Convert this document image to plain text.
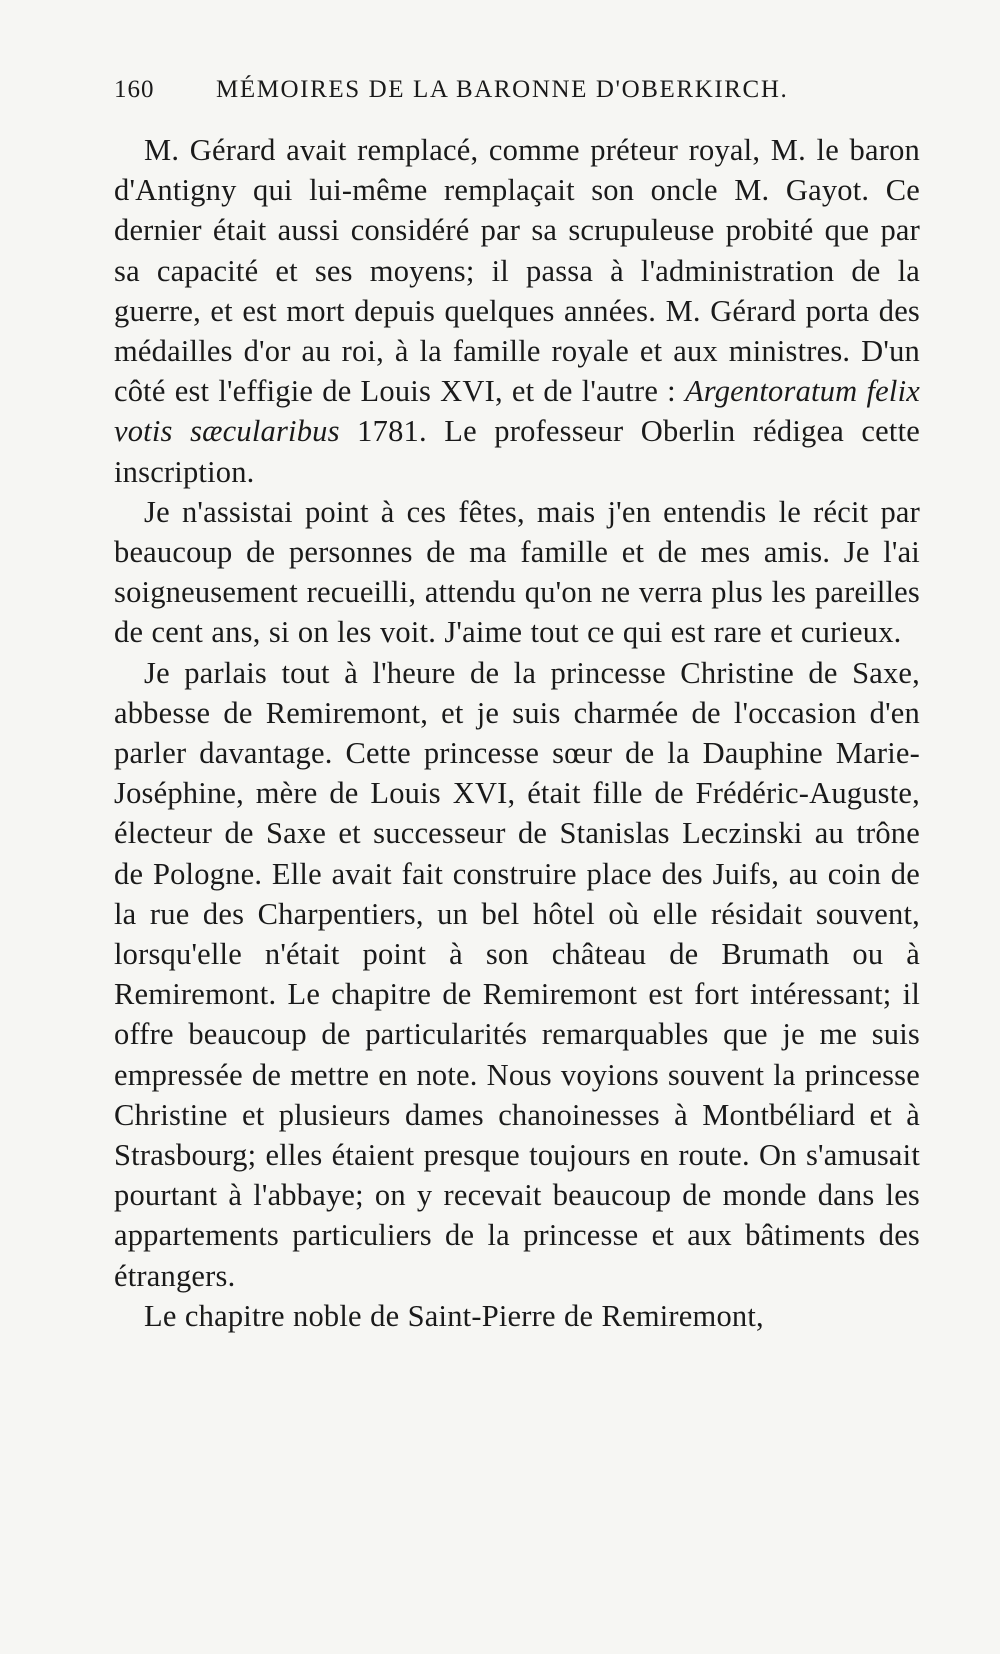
160	MÉMOIRES DE LA BARONNE D'OBERKIRCH.

M. Gérard avait remplacé, comme préteur royal, M. le baron d'Antigny qui lui-même remplaçait son oncle M. Gayot. Ce dernier était aussi considéré par sa scrupuleuse probité que par sa capacité et ses moyens; il passa à l'administration de la guerre, et est mort depuis quelques années. M. Gérard porta des médailles d'or au roi, à la famille royale et aux ministres. D'un côté est l'effigie de Louis XVI, et de l'autre : Argentoratum felix votis sæcularibus 1781. Le professeur Oberlin rédigea cette inscription.

Je n'assistai point à ces fêtes, mais j'en entendis le récit par beaucoup de personnes de ma famille et de mes amis. Je l'ai soigneusement recueilli, attendu qu'on ne verra plus les pareilles de cent ans, si on les voit. J'aime tout ce qui est rare et curieux.

Je parlais tout à l'heure de la princesse Christine de Saxe, abbesse de Remiremont, et je suis charmée de l'occasion d'en parler davantage. Cette princesse sœur de la Dauphine Marie-Joséphine, mère de Louis XVI, était fille de Frédéric-Auguste, électeur de Saxe et successeur de Stanislas Leczinski au trône de Pologne. Elle avait fait construire place des Juifs, au coin de la rue des Charpentiers, un bel hôtel où elle résidait souvent, lorsqu'elle n'était point à son château de Brumath ou à Remiremont. Le chapitre de Remiremont est fort intéressant; il offre beaucoup de particularités remarquables que je me suis empressée de mettre en note. Nous voyions souvent la princesse Christine et plusieurs dames chanoinesses à Montbéliard et à Strasbourg; elles étaient presque toujours en route. On s'amusait pourtant à l'abbaye; on y recevait beaucoup de monde dans les appartements particuliers de la princesse et aux bâtiments des étrangers.

Le chapitre noble de Saint-Pierre de Remiremont,
